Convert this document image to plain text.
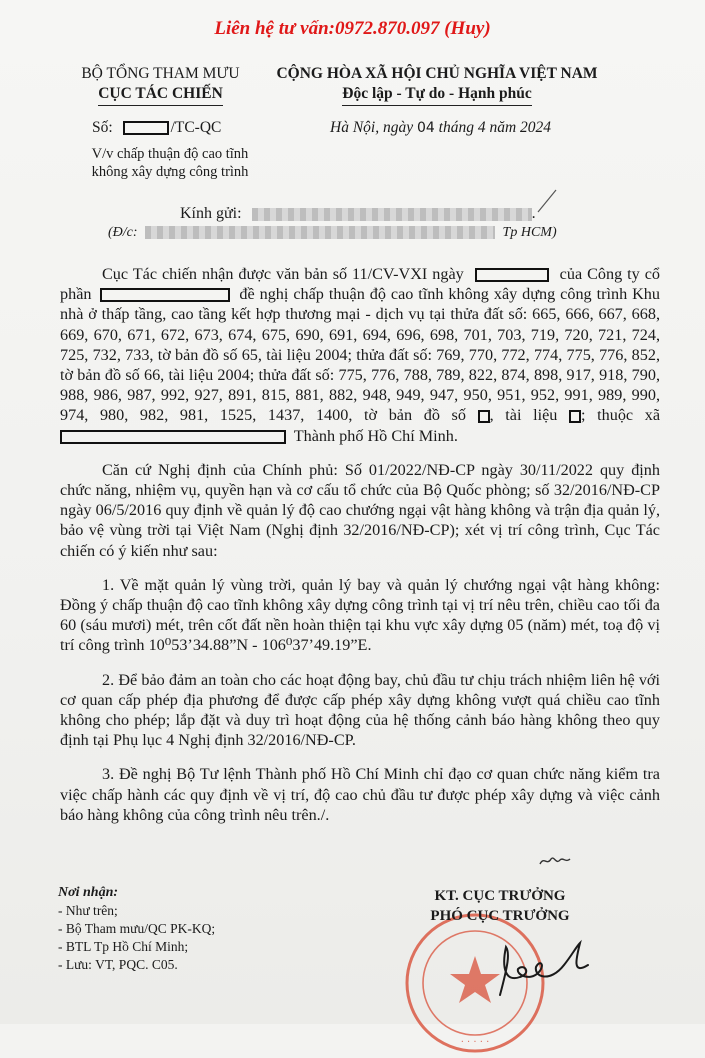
Liên hệ tư vấn:0972.870.097 (Huy)
BỘ TỔNG THAM MƯU
CỤC TÁC CHIẾN
CỘNG HÒA XÃ HỘI CHỦ NGHĨA VIỆT NAM
Độc lập - Tự do - Hạnh phúc
Số:	/TC-QC	Hà Nội, ngày 04 tháng 4 năm 2024
V/v chấp thuận độ cao tĩnh
không xây dựng công trình
Kính gửi:	.
(Đ/c:	Tp HCM)

Cục Tác chiến nhận được văn bản số 11/CV-VXI ngày	của Công ty cổ phần	đề nghị chấp thuận độ cao tĩnh không xây dựng công trình Khu nhà ở thấp tầng, cao tầng kết hợp thương mại - dịch vụ tại thửa đất số: 665, 666, 667, 668, 669, 670, 671, 672, 673, 674, 675, 690, 691, 694, 696, 698, 701, 703, 719, 720, 721, 724, 725, 732, 733, tờ bản đồ số 65, tài liệu 2004; thửa đất số: 769, 770, 772, 774, 775, 776, 852, tờ bản đồ số 66, tài liệu 2004; thửa đất số: 775, 776, 788, 789, 822, 874, 898, 917, 918, 790, 988, 986, 987, 992, 927, 891, 815, 881, 882, 948, 949, 947, 950, 951, 952, 991, 989, 990, 974, 980, 982, 981, 1525, 1437, 1400, tờ bản đồ số , tài liệu ; thuộc xã  Thành phố Hồ Chí Minh.

Căn cứ Nghị định của Chính phủ: Số 01/2022/NĐ-CP ngày 30/11/2022 quy định chức năng, nhiệm vụ, quyền hạn và cơ cấu tổ chức của Bộ Quốc phòng; số 32/2016/NĐ-CP ngày 06/5/2016 quy định về quản lý độ cao chướng ngại vật hàng không và trận địa quản lý, bảo vệ vùng trời tại Việt Nam (Nghị định 32/2016/NĐ-CP); xét vị trí công trình, Cục Tác chiến có ý kiến như sau:

1. Về mặt quản lý vùng trời, quản lý bay và quản lý chướng ngại vật hàng không: Đồng ý chấp thuận độ cao tĩnh không xây dựng công trình tại vị trí nêu trên, chiều cao tối đa 60 (sáu mươi) mét, trên cốt đất nền hoàn thiện tại khu vực xây dựng 05 (năm) mét, toạ độ vị trí công trình 10⁰53’34.88”N - 106⁰37’49.19”E.

2. Để bảo đảm an toàn cho các hoạt động bay, chủ đầu tư chịu trách nhiệm liên hệ với cơ quan cấp phép địa phương để được cấp phép xây dựng không vượt quá chiều cao tĩnh không cho phép; lắp đặt và duy trì hoạt động của hệ thống cảnh báo hàng không theo quy định tại Phụ lục 4 Nghị định 32/2016/NĐ-CP.

3. Đề nghị Bộ Tư lệnh Thành phố Hồ Chí Minh chỉ đạo cơ quan chức năng kiểm tra việc chấp hành các quy định về vị trí, độ cao chủ đầu tư được phép xây dựng và việc cảnh báo hàng không của công trình nêu trên./.

Nơi nhận:
- Như trên;
- Bộ Tham mưu/QC PK-KQ;
- BTL Tp Hồ Chí Minh;
- Lưu: VT, PQC. C05.
· · · · ·
KT. CỤC TRƯỞNG
PHÓ CỤC TRƯỞNG
